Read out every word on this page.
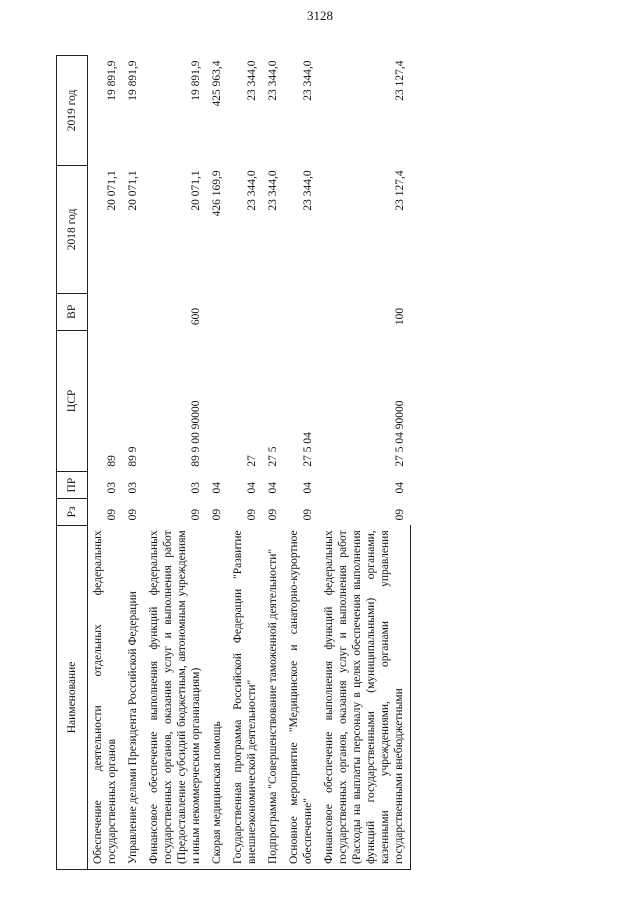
3128
Наименование	Рз	ПР	ЦСР	ВР	2018 год	2019 год
Обеспечение деятельности отдельных федеральных государственных органов	09	03	89		20 071,1	19 891,9
Управление делами Президента Российской Федерации	09	03	89 9		20 071,1	19 891,9
Финансовое обеспечение выполнения функций федеральных государственных органов, оказания услуг и выполнения работ (Предоставление субсидий бюджетным, автономным учреждениям и иным некоммерческим организациям)	09	03	89 9 00 90000	600	20 071,1	19 891,9
Скорая медицинская помощь	09	04			426 169,9	425 963,4
Государственная программа Российской Федерации "Развитие внешнеэкономической деятельности"	09	04	27		23 344,0	23 344,0
Подпрограмма "Совершенствование таможенной деятельности"	09	04	27 5		23 344,0	23 344,0
Основное мероприятие "Медицинское и санаторно-курортное обеспечение"	09	04	27 5 04		23 344,0	23 344,0
Финансовое обеспечение выполнения функций федеральных государственных органов, оказания услуг и выполнения работ (Расходы на выплаты персоналу в целях обеспечения выполнения функций государственными (муниципальными) органами, казенными учреждениями, органами управления государственными внебюджетными	09	04	27 5 04 90000	100	23 127,4	23 127,4
